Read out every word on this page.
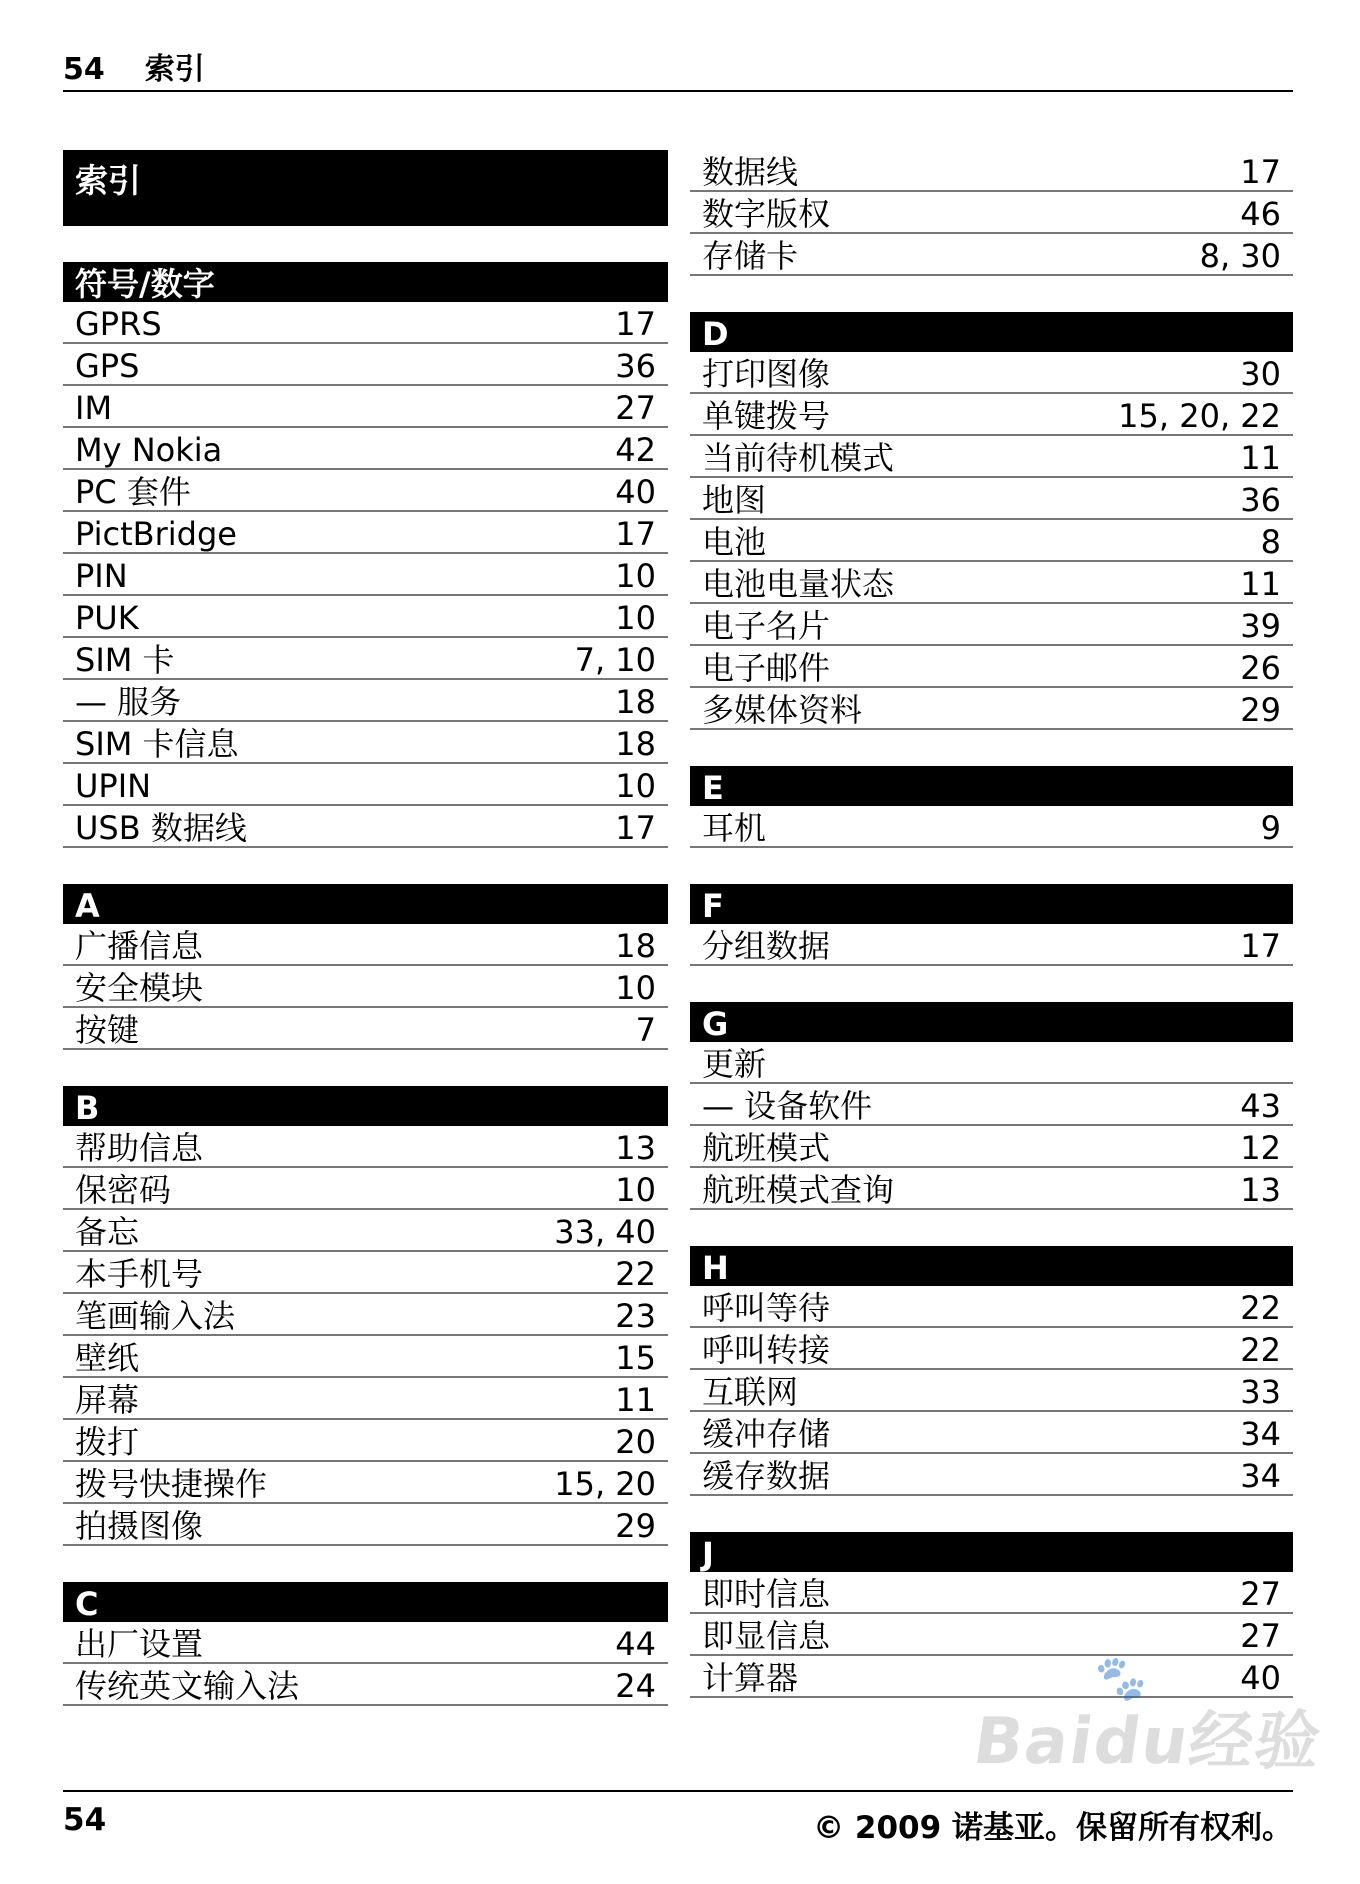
54 索引
索引
符号/数字
GPRS	17
GPS	36
IM	27
My Nokia	42
PC 套件	40
PictBridge	17
PIN	10
PUK	10
SIM 卡	7, 10
— 服务	18
SIM 卡信息	18
UPIN	10
USB 数据线	17
A
广播信息	18
安全模块	10
按键	7
B
帮助信息	13
保密码	10
备忘	33, 40
本手机号	22
笔画输入法	23
壁纸	15
屏幕	11
拨打	20
拨号快捷操作	15, 20
拍摄图像	29
C
出厂设置	44
传统英文输入法	24
数据线	17
数字版权	46
存储卡	8, 30
D
打印图像	30
单键拨号	15, 20, 22
当前待机模式	11
地图	36
电池	8
电池电量状态	11
电子名片	39
电子邮件	26
多媒体资料	29
E
耳机	9
F
分组数据	17
G
更新
— 设备软件	43
航班模式	12
航班模式查询	13
H
呼叫等待	22
呼叫转接	22
互联网	33
缓冲存储	34
缓存数据	34
J
即时信息	27
即显信息	27
计算器	40
🐾
Baidu经验
54	© 2009 诺基亚。保留所有权利。
